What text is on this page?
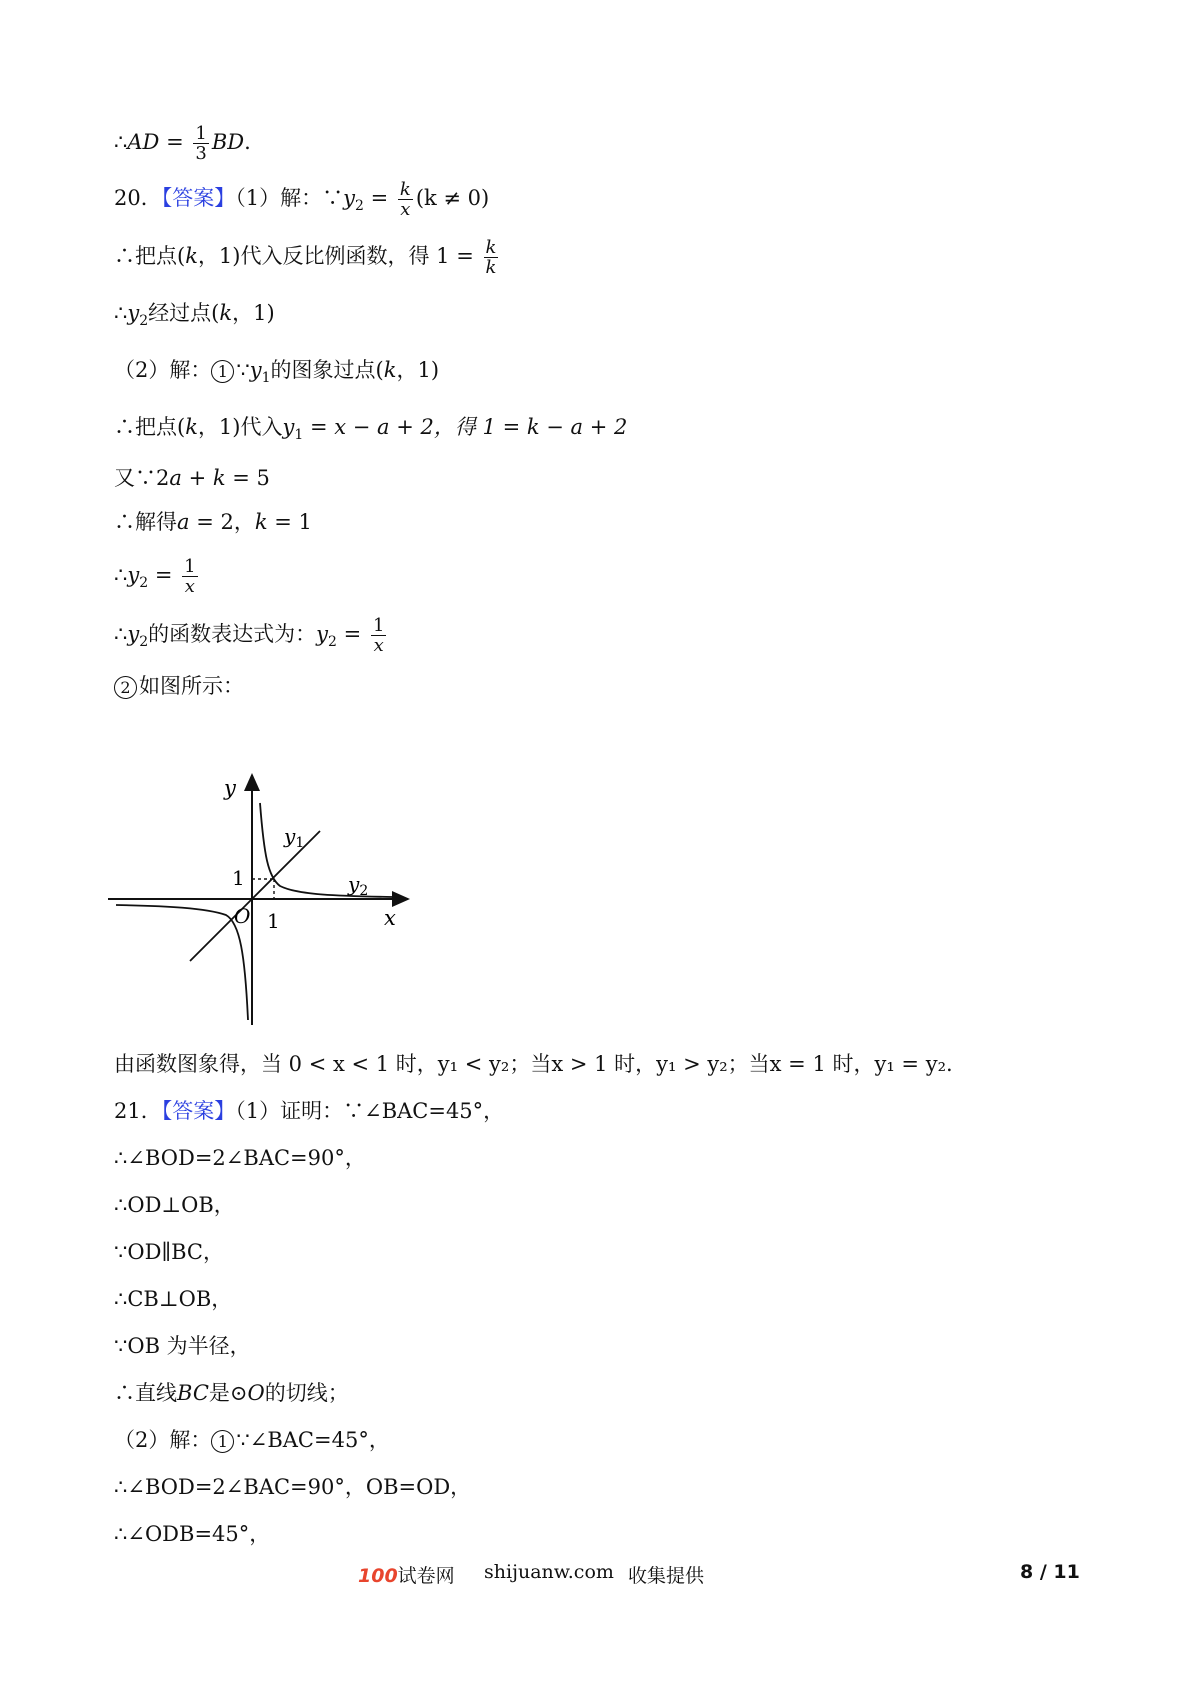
∴AD = $\frac{1}{3}$ BD.
20．【答案】（1）解：$\because y_2 = \frac{k}{x} (k \ne 0)$
∴把点(k，1)代入反比例函数，得 $1 = \frac{k}{k}$
$\therefore y_2$经过点(k，1)
（2）解： 1 $\because y_1$的图象过点(k，1)
∴把点(k，1)代入$y_1 = x - a + 2$，得 1 = k − a + 2
又∵2a + k = 5
∴解得a = 2，k = 1
$\therefore y_2 = \frac{1}{x}$
$\therefore y_2$的函数表达式为：$y_2 = \frac{1}{x}$
2 如图所示：
y
x
O 1
1
$y_1$
$y_2$
由函数图象得，当 0 < x < 1 时，y₁ < y₂；当x > 1 时，y₁ > y₂；当x = 1 时，y₁ = y₂.
21．【答案】（1）证明：∵∠BAC=45°，
∴∠BOD=2∠BAC=90°，
∴OD⊥OB，
∵OD∥BC，
∴CB⊥OB，
∵OB 为半径，
∴直线BC是⊙O的切线；
（2）解： 1 ∵∠BAC=45°，
∴∠BOD=2∠BAC=90°，OB=OD，
∴∠ODB=45°，
100试卷网 shijuanw.com 收集提供	8 / 11
